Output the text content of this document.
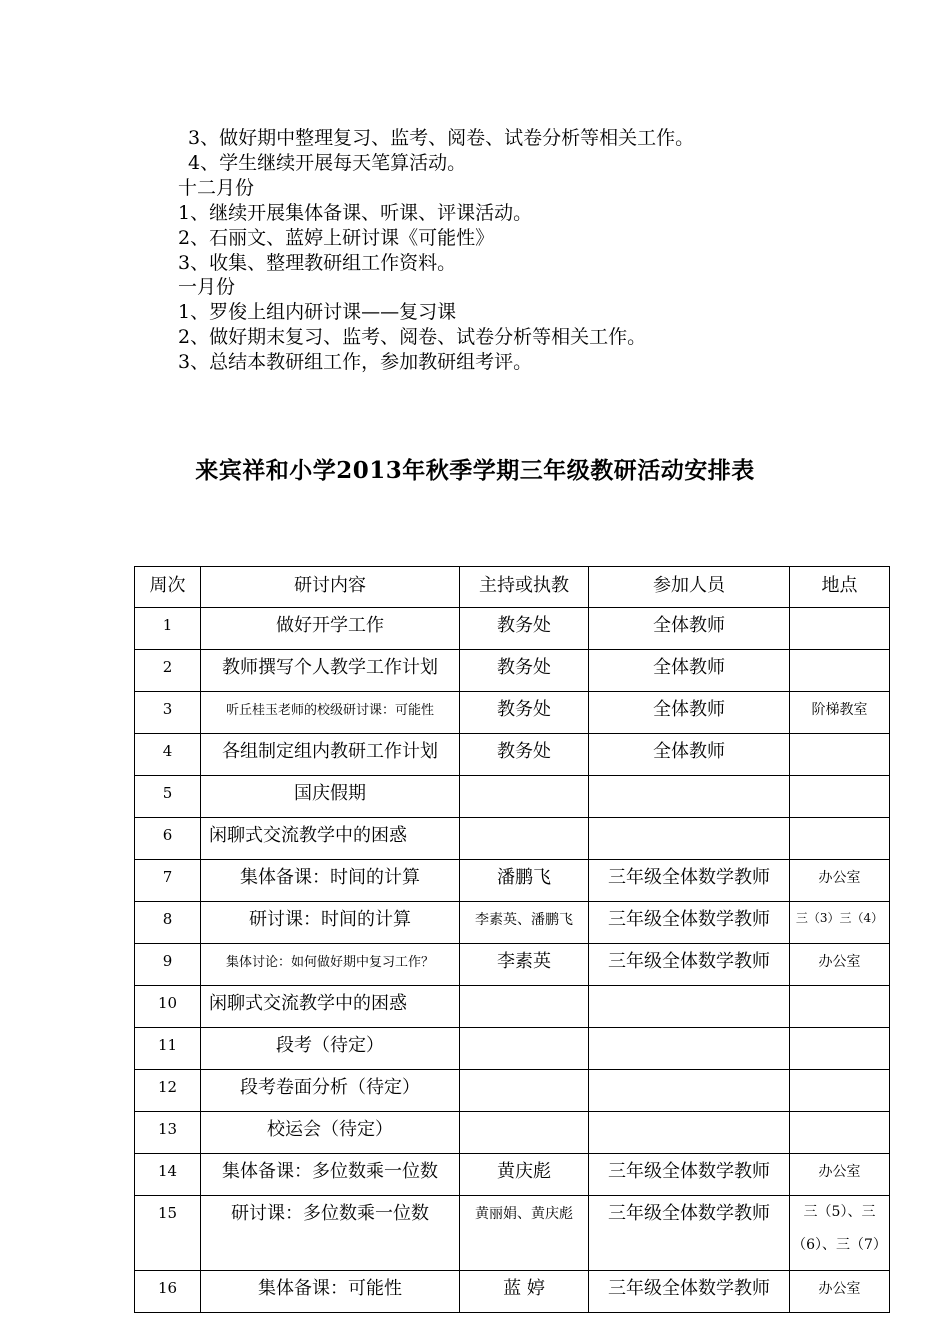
3、做好期中整理复习、监考、阅卷、试卷分析等相关工作。
4、学生继续开展每天笔算活动。
十二月份
1、继续开展集体备课、听课、评课活动。
2、石丽文、蓝婷上研讨课《可能性》
3、收集、整理教研组工作资料。
一月份
1、罗俊上组内研讨课——复习课
2、做好期末复习、监考、阅卷、试卷分析等相关工作。
3、总结本教研组工作，参加教研组考评。
来宾祥和小学2013年秋季学期三年级教研活动安排表
周次	研讨内容	主持或执教	参加人员	地点
1	做好开学工作	教务处	全体教师	
2	教师撰写个人教学工作计划	教务处	全体教师	
3	听丘桂玉老师的校级研讨课：可能性	教务处	全体教师	阶梯教室
4	各组制定组内教研工作计划	教务处	全体教师	
5	国庆假期			
6	闲聊式交流教学中的困惑			
7	集体备课：时间的计算	潘鹏飞	三年级全体数学教师	办公室
8	研讨课：时间的计算	李素英、潘鹏飞	三年级全体数学教师	三（3）三（4）
9	集体讨论：如何做好期中复习工作？	李素英	三年级全体数学教师	办公室
10	闲聊式交流教学中的困惑			
11	段考（待定）			
12	段考卷面分析（待定）			
13	校运会（待定）			
14	集体备课：多位数乘一位数	黄庆彪	三年级全体数学教师	办公室
15	研讨课：多位数乘一位数	黄丽娟、黄庆彪	三年级全体数学教师	三（5）、三（6）、三（7）
16	集体备课：可能性	蓝 婷	三年级全体数学教师	办公室
